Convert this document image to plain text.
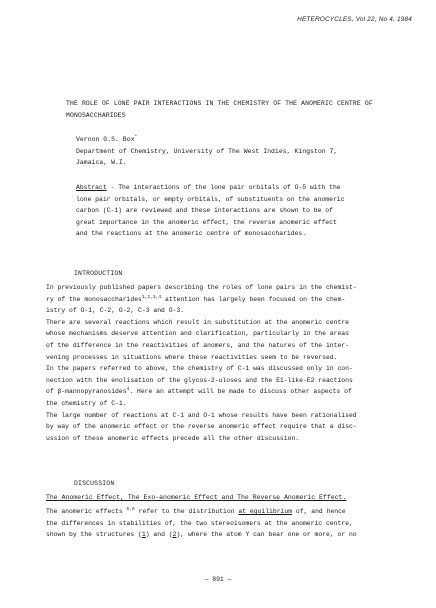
HETEROCYCLES, Vol 22, No 4, 1984
THE ROLE OF LONE PAIR INTERACTIONS IN THE CHEMISTRY OF THE ANOMERIC CENTRE OF MONOSACCHARIDES
Vernon G.S. Box*
Department of Chemistry, University of The West Indies, Kingston 7,
Jamaica, W.I.
Abstract - The interactions of the lone pair orbitals of O-5 with the
lone pair orbitals, or empty orbitals, of substituents on the anomeric
carbon (C-1) are reviewed and these interactions are shown to be of
great importance in the anomeric effect, the reverse anomeric effect
and the reactions at the anomeric centre of monosaccharides.
INTRODUCTION
In previously published papers describing the roles of lone pairs in the chemist-
ry of the monosaccharides$^{1,2,3,4}$ attention has largely been focused on the chem-
istry of O-1, C-2, O-2, C-3 and O-3.
There are several reactions which result in substitution at the anomeric centre
whose mechanisms deserve attention and clarification, particularly in the areas
of the difference in the reactivities of anomers, and the natures of the inter-
vening processes in situations where these reactivities seem to be reversed.
In the papers referred to above, the chemistry of C-1 was discussed only in con-
nection with the enolisation of the glycos-2-uloses and the E1-like-E2 reactions
of β-mannopyranosides$^4$. Here an attempt will be made to discuss other aspects of
the chemistry of C-1.
The large number of reactions at C-1 and O-1 whose results have been rationalised
by way of the anomeric effect or the reverse anomeric effect require that a disc-
ussion of these anomeric effects precede all the other discussion.
DISCUSSION
The Anomeric Effect, The Exo-anomeric Effect and The Reverse Anomeric Effect.
The anomeric effects $^{5,6}$ refer to the distribution at equilibrium of, and hence
the differences in stabilities of, the two stereoisomers at the anomeric centre,
shown by the structures (1) and (2), where the atom Y can bear one or more, or no
— 891 —
